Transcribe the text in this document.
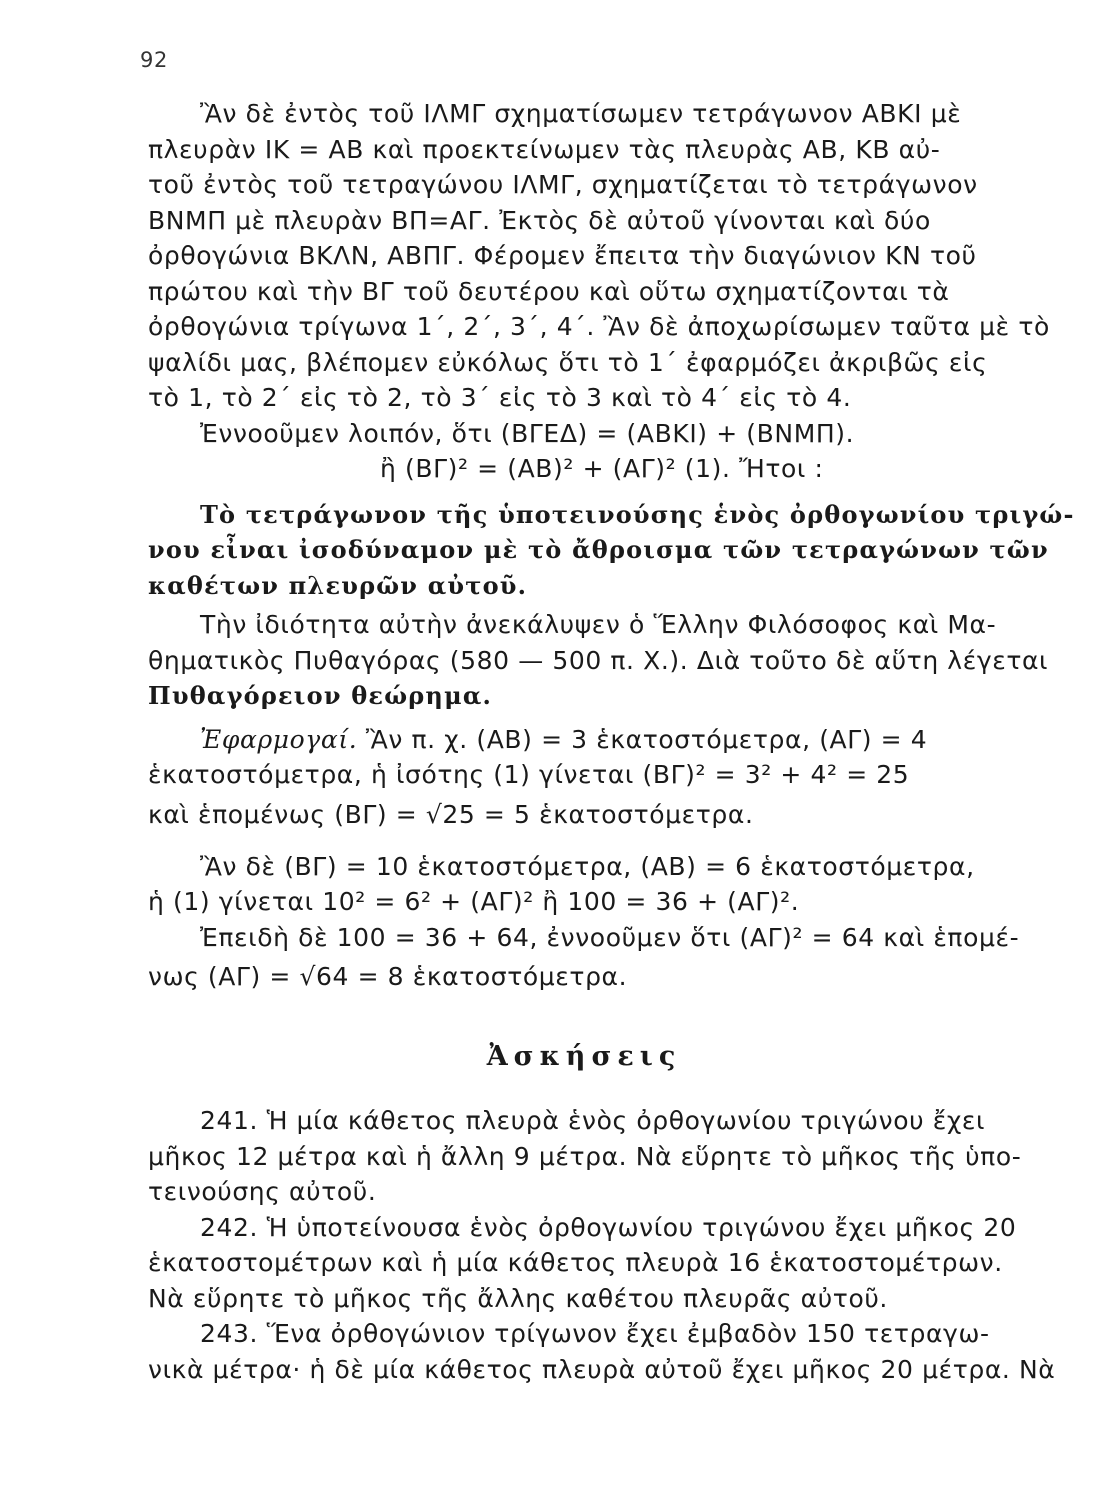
92
Ἂν δὲ ἐντὸς τοῦ ΙΛΜΓ σχηματίσωμεν τετράγωνον ΑΒΚΙ μὲ
πλευρὰν ΙΚ = ΑΒ καὶ προεκτείνωμεν τὰς πλευρὰς ΑΒ, ΚΒ αὐ-
τοῦ ἐντὸς τοῦ τετραγώνου ΙΛΜΓ, σχηματίζεται τὸ τετράγωνον
ΒΝΜΠ μὲ πλευρὰν ΒΠ=ΑΓ. Ἐκτὸς δὲ αὐτοῦ γίνονται καὶ δύο
ὀρθογώνια ΒΚΛΝ, ΑΒΠΓ. Φέρομεν ἔπειτα τὴν διαγώνιον ΚΝ τοῦ
πρώτου καὶ τὴν ΒΓ τοῦ δευτέρου καὶ οὕτω σχηματίζονται τὰ
ὀρθογώνια τρίγωνα 1΄, 2΄, 3΄, 4΄. Ἂν δὲ ἀποχωρίσωμεν ταῦτα μὲ τὸ
ψαλίδι μας, βλέπομεν εὐκόλως ὅτι τὸ 1΄ ἐφαρμόζει ἀκριβῶς εἰς
τὸ 1, τὸ 2΄ εἰς τὸ 2, τὸ 3΄ εἰς τὸ 3 καὶ τὸ 4΄ εἰς τὸ 4.
Ἐννοοῦμεν λοιπόν, ὅτι (ΒΓΕΔ) = (ΑΒΚΙ) + (ΒΝΜΠ).
ἢ (ΒΓ)² = (ΑΒ)² + (ΑΓ)² (1). Ἤτοι :
Τὸ τετράγωνον τῆς ὑποτεινούσης ἑνὸς ὀρθογωνίου τριγώ-
νου εἶναι ἰσοδύναμον μὲ τὸ ἄθροισμα τῶν τετραγώνων τῶν
καθέτων πλευρῶν αὐτοῦ.
Τὴν ἰδιότητα αὐτὴν ἀνεκάλυψεν ὁ Ἕλλην Φιλόσοφος καὶ Μα-
θηματικὸς Πυθαγόρας (580 — 500 π. Χ.). Διὰ τοῦτο δὲ αὕτη λέγεται
Πυθαγόρειον θεώρημα.
Ἐφαρμογαί. Ἂν π. χ. (ΑΒ) = 3 ἑκατοστόμετρα, (ΑΓ) = 4
ἑκατοστόμετρα, ἡ ἰσότης (1) γίνεται (ΒΓ)² = 3² + 4² = 25
καὶ ἑπομένως (ΒΓ) = √25 = 5 ἑκατοστόμετρα.
Ἂν δὲ (ΒΓ) = 10 ἑκατοστόμετρα, (ΑΒ) = 6 ἑκατοστόμετρα,
ἡ (1) γίνεται 10² = 6² + (ΑΓ)² ἢ 100 = 36 + (ΑΓ)².
Ἐπειδὴ δὲ 100 = 36 + 64, ἐννοοῦμεν ὅτι (ΑΓ)² = 64 καὶ ἑπομέ-
νως (ΑΓ) = √64 = 8 ἑκατοστόμετρα.
Ἀσκήσεις
241. Ἡ μία κάθετος πλευρὰ ἑνὸς ὀρθογωνίου τριγώνου ἔχει
μῆκος 12 μέτρα καὶ ἡ ἄλλη 9 μέτρα. Νὰ εὕρητε τὸ μῆκος τῆς ὑπο-
τεινούσης αὐτοῦ.
242. Ἡ ὑποτείνουσα ἑνὸς ὀρθογωνίου τριγώνου ἔχει μῆκος 20
ἑκατοστομέτρων καὶ ἡ μία κάθετος πλευρὰ 16 ἑκατοστομέτρων.
Νὰ εὕρητε τὸ μῆκος τῆς ἄλλης καθέτου πλευρᾶς αὐτοῦ.
243. Ἕνα ὀρθογώνιον τρίγωνον ἔχει ἐμβαδὸν 150 τετραγω-
νικὰ μέτρα· ἡ δὲ μία κάθετος πλευρὰ αὐτοῦ ἔχει μῆκος 20 μέτρα. Νὰ
